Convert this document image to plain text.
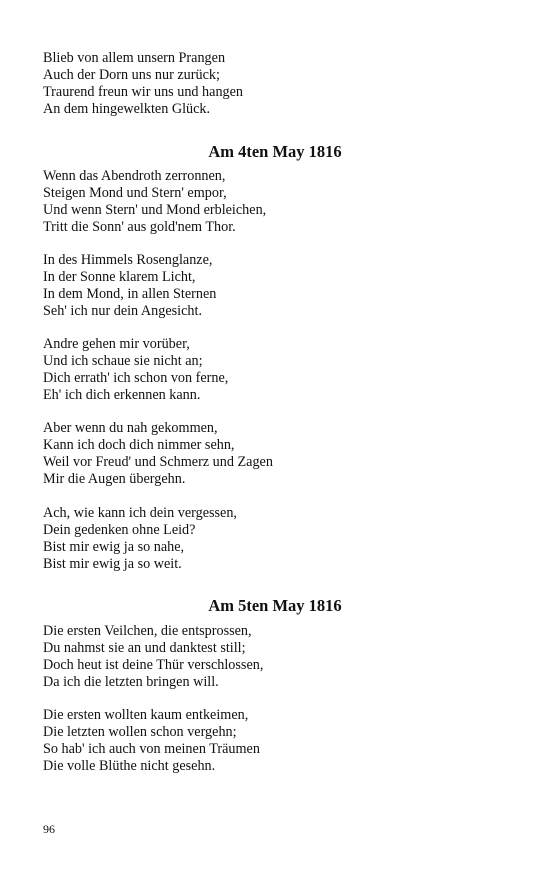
Blieb von allem unsern Prangen

Auch der Dorn uns nur zurück;

Traurend freun wir uns und hangen

An dem hingewelkten Glück.

Am 4ten May 1816

Wenn das Abendroth zerronnen,

Steigen Mond und Stern' empor,

Und wenn Stern' und Mond erbleichen,

Tritt die Sonn' aus gold'nem Thor.

In des Himmels Rosenglanze,

In der Sonne klarem Licht,

In dem Mond, in allen Sternen

Seh' ich nur dein Angesicht.

Andre gehen mir vorüber,

Und ich schaue sie nicht an;

Dich errath' ich schon von ferne,

Eh' ich dich erkennen kann.

Aber wenn du nah gekommen,

Kann ich doch dich nimmer sehn,

Weil vor Freud' und Schmerz und Zagen

Mir die Augen übergehn.

Ach, wie kann ich dein vergessen,

Dein gedenken ohne Leid?

Bist mir ewig ja so nahe,

Bist mir ewig ja so weit.

Am 5ten May 1816

Die ersten Veilchen, die entsprossen,

Du nahmst sie an und danktest still;

Doch heut ist deine Thür verschlossen,

Da ich die letzten bringen will.

Die ersten wollten kaum entkeimen,

Die letzten wollen schon vergehn;

So hab' ich auch von meinen Träumen

Die volle Blüthe nicht gesehn.

96
